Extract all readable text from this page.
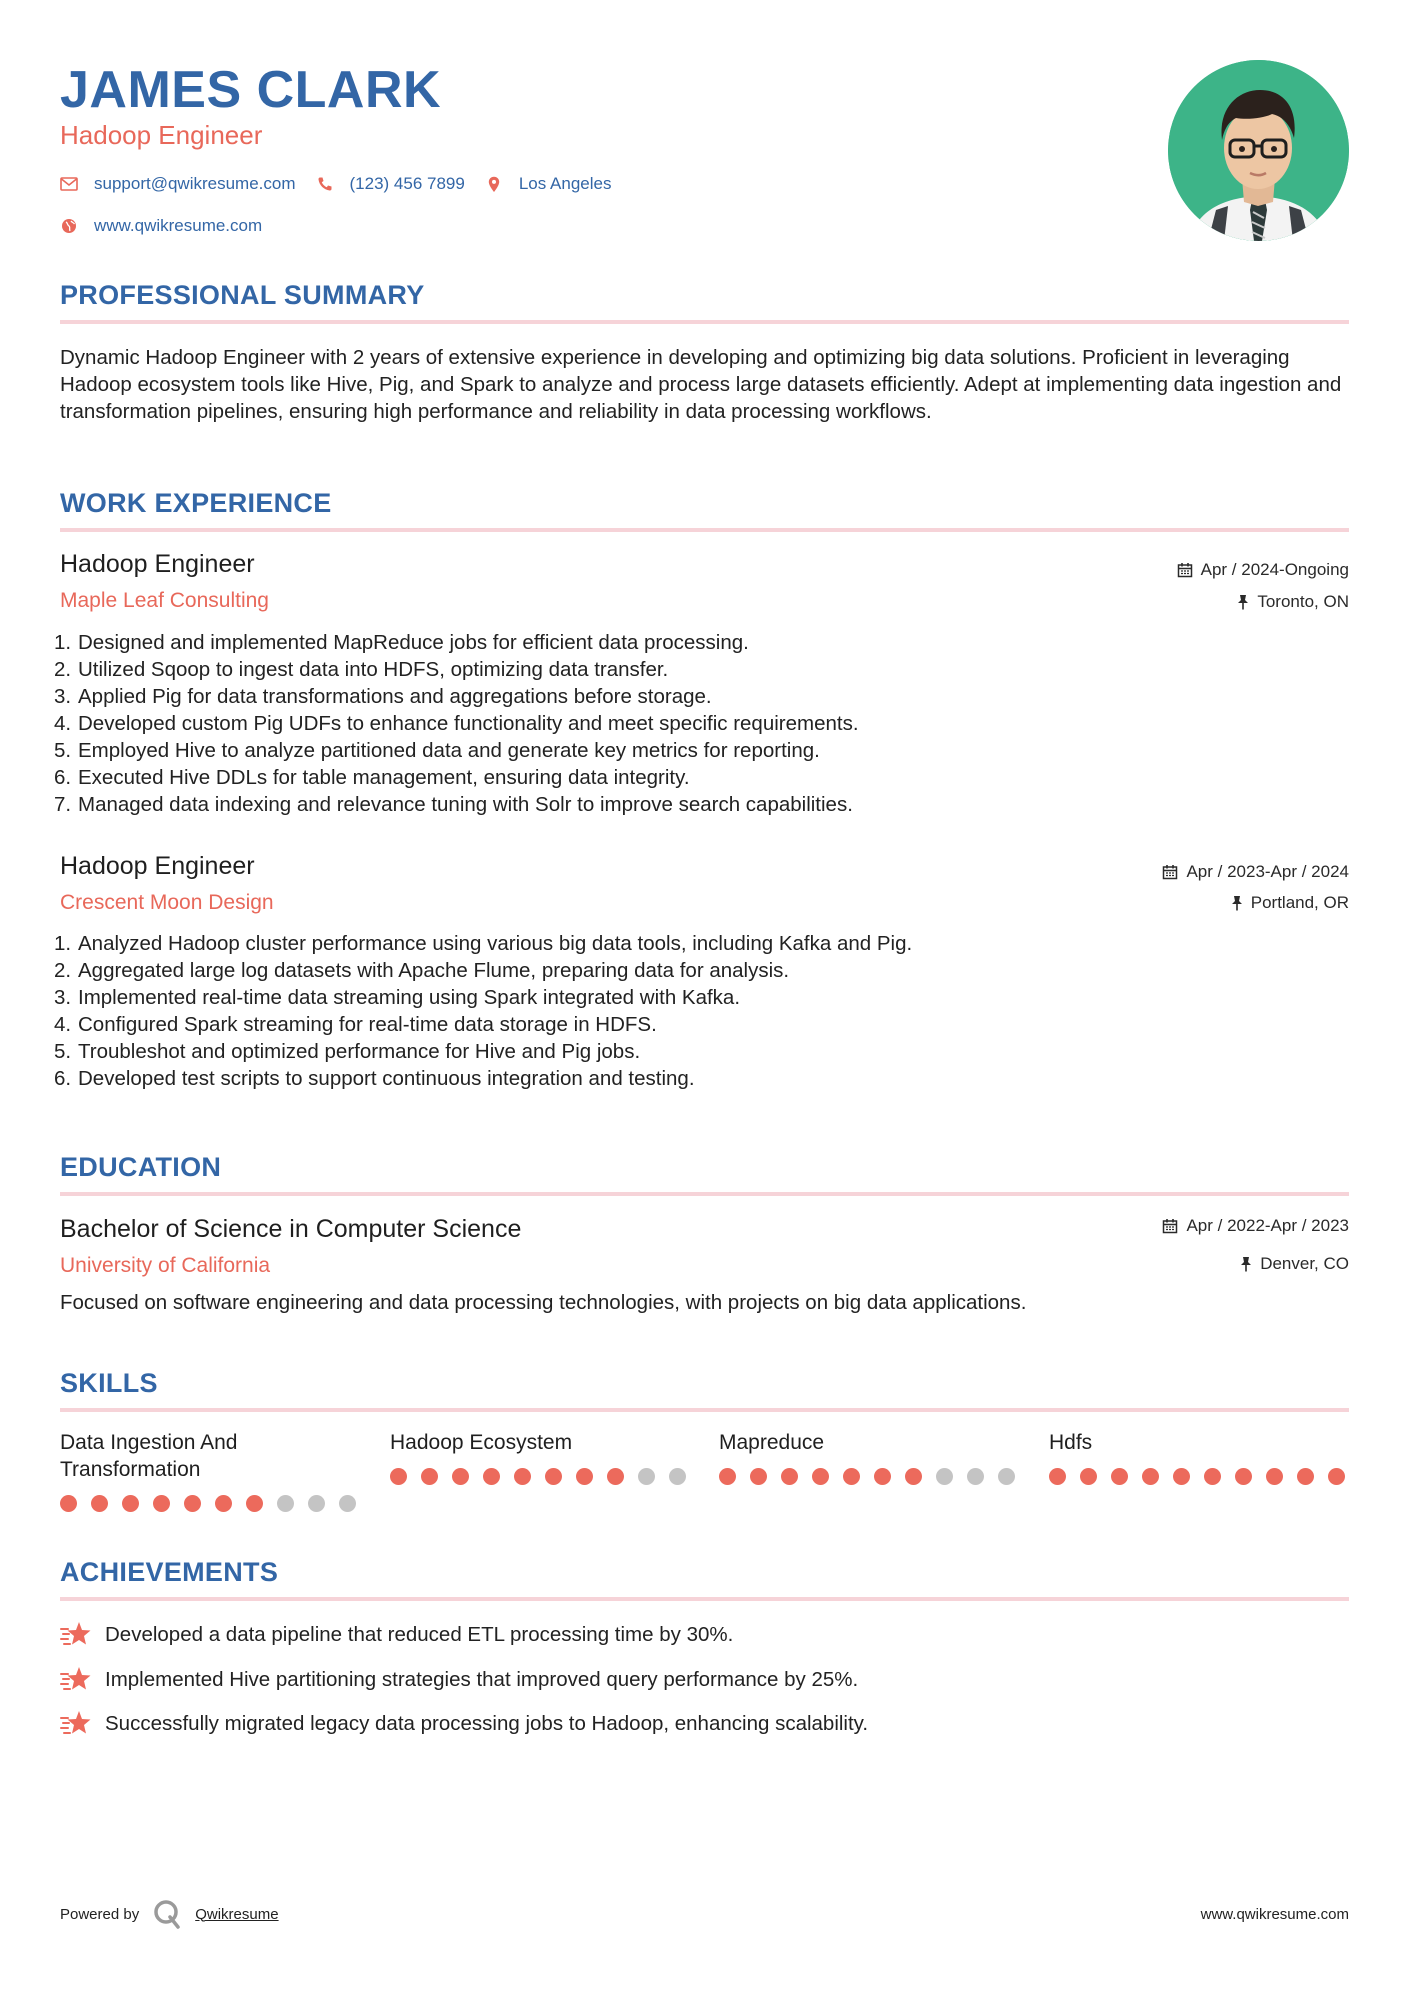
JAMES CLARK
Hadoop Engineer
support@qwikresume.com	(123) 456 7899	Los Angeles
www.qwikresume.com
PROFESSIONAL SUMMARY
Dynamic Hadoop Engineer with 2 years of extensive experience in developing and optimizing big data solutions. Proficient in leveraging Hadoop ecosystem tools like Hive, Pig, and Spark to analyze and process large datasets efficiently. Adept at implementing data ingestion and transformation pipelines, ensuring high performance and reliability in data processing workflows.
WORK EXPERIENCE
Hadoop Engineer
Maple Leaf Consulting
Apr / 2024-Ongoing
Toronto, ON
1. Designed and implemented MapReduce jobs for efficient data processing.
2. Utilized Sqoop to ingest data into HDFS, optimizing data transfer.
3. Applied Pig for data transformations and aggregations before storage.
4. Developed custom Pig UDFs to enhance functionality and meet specific requirements.
5. Employed Hive to analyze partitioned data and generate key metrics for reporting.
6. Executed Hive DDLs for table management, ensuring data integrity.
7. Managed data indexing and relevance tuning with Solr to improve search capabilities.
Hadoop Engineer
Crescent Moon Design
Apr / 2023-Apr / 2024
Portland, OR
1. Analyzed Hadoop cluster performance using various big data tools, including Kafka and Pig.
2. Aggregated large log datasets with Apache Flume, preparing data for analysis.
3. Implemented real-time data streaming using Spark integrated with Kafka.
4. Configured Spark streaming for real-time data storage in HDFS.
5. Troubleshot and optimized performance for Hive and Pig jobs.
6. Developed test scripts to support continuous integration and testing.
EDUCATION
Bachelor of Science in Computer Science
University of California
Apr / 2022-Apr / 2023
Denver, CO
Focused on software engineering and data processing technologies, with projects on big data applications.
SKILLS
Data Ingestion And Transformation
Hadoop Ecosystem	Mapreduce	Hdfs
ACHIEVEMENTS
Developed a data pipeline that reduced ETL processing time by 30%.
Implemented Hive partitioning strategies that improved query performance by 25%.
Successfully migrated legacy data processing jobs to Hadoop, enhancing scalability.
Powered by	Qwikresume	www.qwikresume.com
